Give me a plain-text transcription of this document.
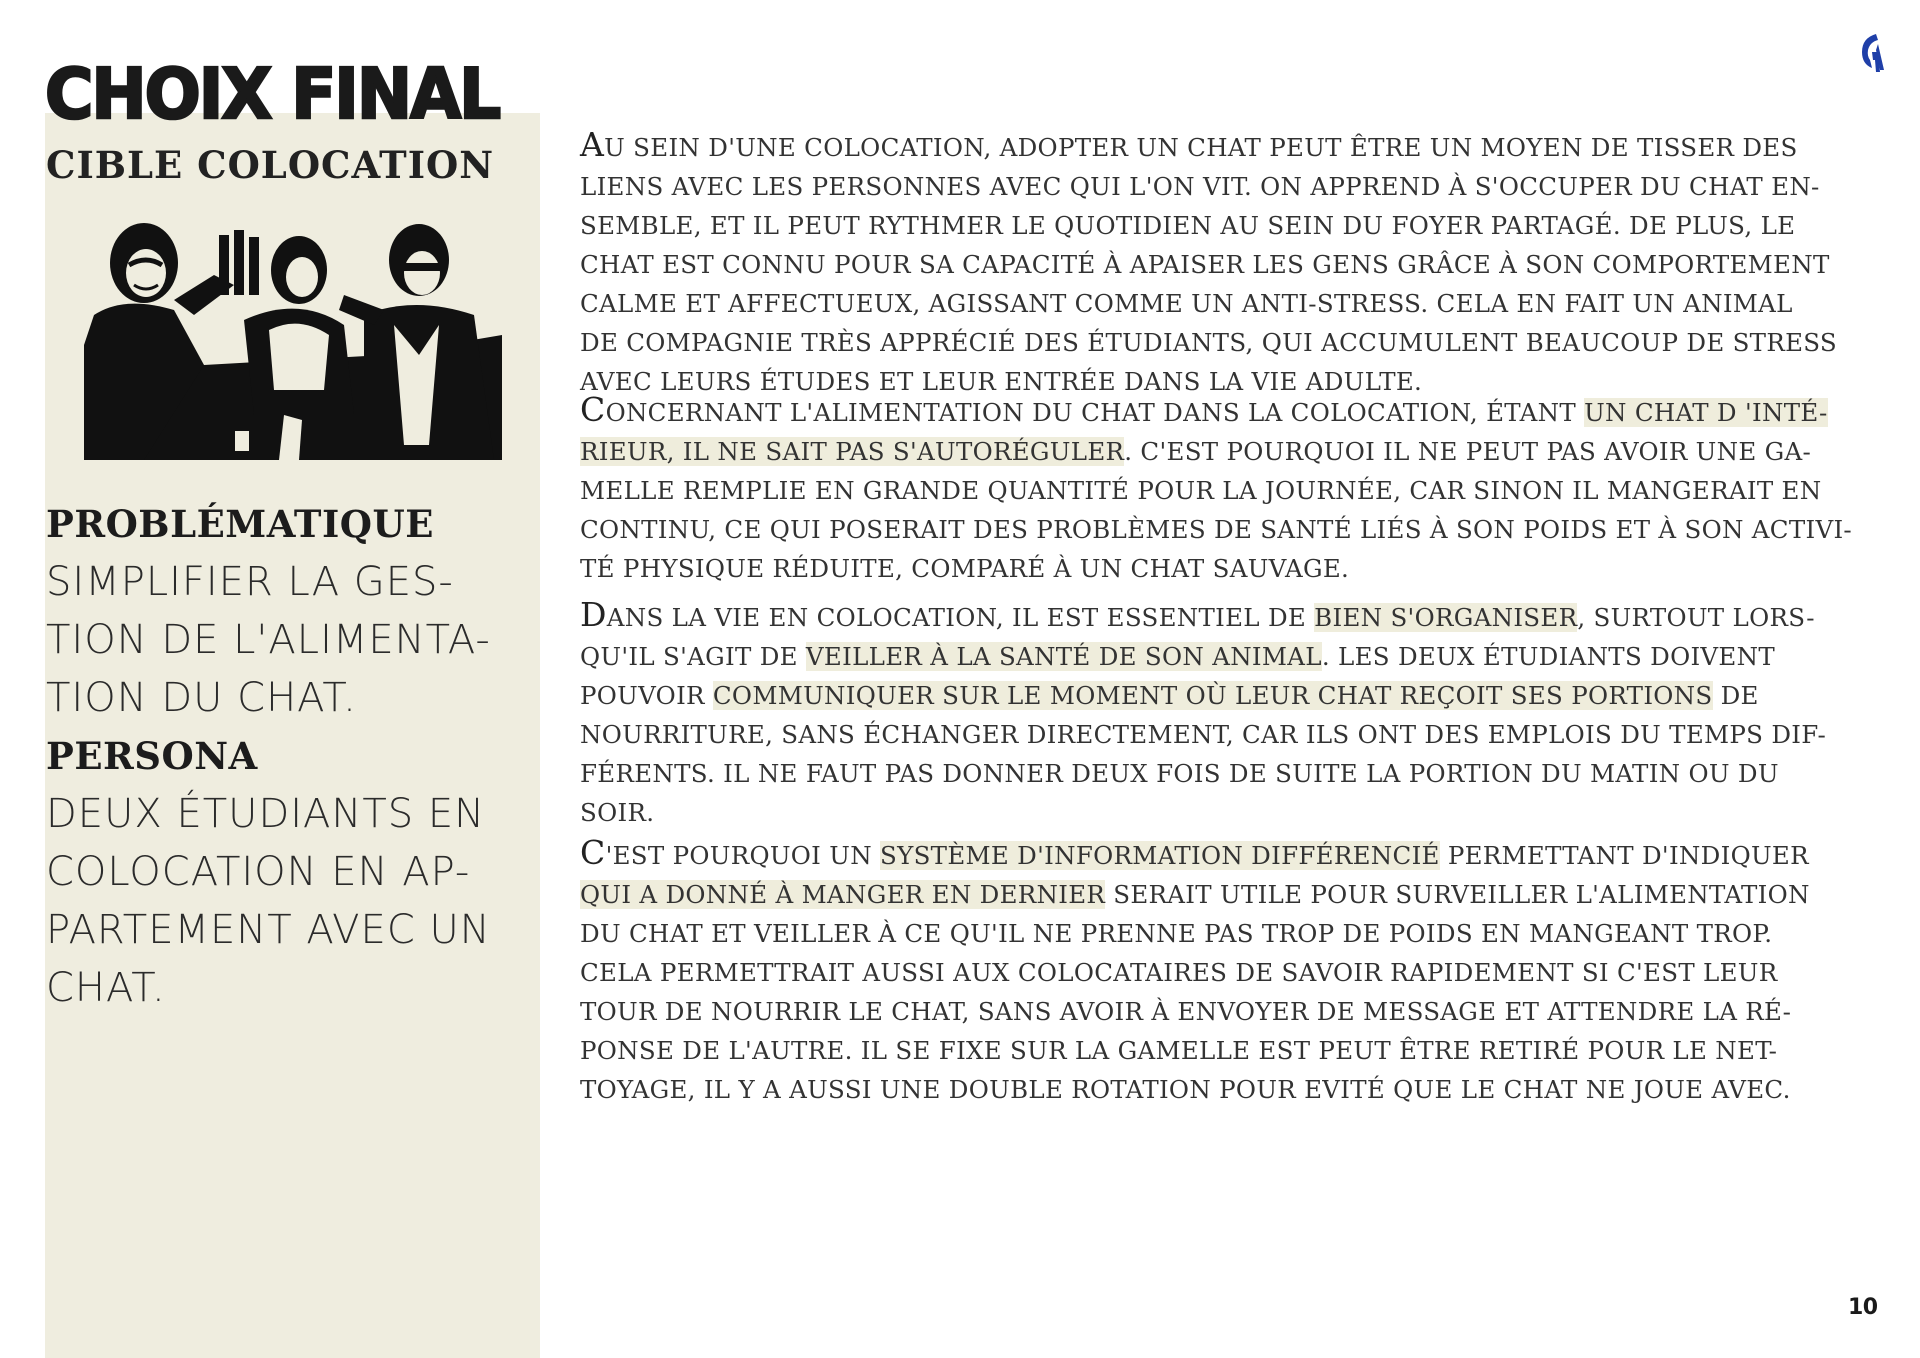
CHOIX FINAL
CIBLE COLOCATION
PROBLÉMATIQUE

SIMPLIFIER LA GES-
TION DE L'ALIMENTA-
TION DU CHAT.

PERSONA

DEUX ÉTUDIANTS EN
COLOCATION EN AP-
PARTEMENT AVEC UN
CHAT.

AU SEIN D'UNE COLOCATION, ADOPTER UN CHAT PEUT ÊTRE UN MOYEN DE TISSER DES
LIENS AVEC LES PERSONNES AVEC QUI L'ON VIT. ON APPREND À S'OCCUPER DU CHAT EN-
SEMBLE, ET IL PEUT RYTHMER LE QUOTIDIEN AU SEIN DU FOYER PARTAGÉ. DE PLUS, LE
CHAT EST CONNU POUR SA CAPACITÉ À APAISER LES GENS GRÂCE À SON COMPORTEMENT
CALME ET AFFECTUEUX, AGISSANT COMME UN ANTI-STRESS. CELA EN FAIT UN ANIMAL
DE COMPAGNIE TRÈS APPRÉCIÉ DES ÉTUDIANTS, QUI ACCUMULENT BEAUCOUP DE STRESS
AVEC LEURS ÉTUDES ET LEUR ENTRÉE DANS LA VIE ADULTE.

CONCERNANT L'ALIMENTATION DU CHAT DANS LA COLOCATION, ÉTANT UN CHAT D 'INTÉ-
RIEUR, IL NE SAIT PAS S'AUTORÉGULER. C'EST POURQUOI IL NE PEUT PAS AVOIR UNE GA-
MELLE REMPLIE EN GRANDE QUANTITÉ POUR LA JOURNÉE, CAR SINON IL MANGERAIT EN
CONTINU, CE QUI POSERAIT DES PROBLÈMES DE SANTÉ LIÉS À SON POIDS ET À SON ACTIVI-
TÉ PHYSIQUE RÉDUITE, COMPARÉ À UN CHAT SAUVAGE.

DANS LA VIE EN COLOCATION, IL EST ESSENTIEL DE BIEN S'ORGANISER, SURTOUT LORS-
QU'IL S'AGIT DE VEILLER À LA SANTÉ DE SON ANIMAL. LES DEUX ÉTUDIANTS DOIVENT
POUVOIR COMMUNIQUER SUR LE MOMENT OÙ LEUR CHAT REÇOIT SES PORTIONS DE
NOURRITURE, SANS ÉCHANGER DIRECTEMENT, CAR ILS ONT DES EMPLOIS DU TEMPS DIF-
FÉRENTS. IL NE FAUT PAS DONNER DEUX FOIS DE SUITE LA PORTION DU MATIN OU DU
SOIR.

C'EST POURQUOI UN SYSTÈME D'INFORMATION DIFFÉRENCIÉ PERMETTANT D'INDIQUER
QUI A DONNÉ À MANGER EN DERNIER SERAIT UTILE POUR SURVEILLER L'ALIMENTATION
DU CHAT ET VEILLER À CE QU'IL NE PRENNE PAS TROP DE POIDS EN MANGEANT TROP.
CELA PERMETTRAIT AUSSI AUX COLOCATAIRES DE SAVOIR RAPIDEMENT SI C'EST LEUR
TOUR DE NOURRIR LE CHAT, SANS AVOIR À ENVOYER DE MESSAGE ET ATTENDRE LA RÉ-
PONSE DE L'AUTRE. IL SE FIXE SUR LA GAMELLE EST PEUT ÊTRE RETIRÉ POUR LE NET-
TOYAGE, IL Y A AUSSI UNE DOUBLE ROTATION POUR EVITÉ QUE LE CHAT NE JOUE AVEC.

10
